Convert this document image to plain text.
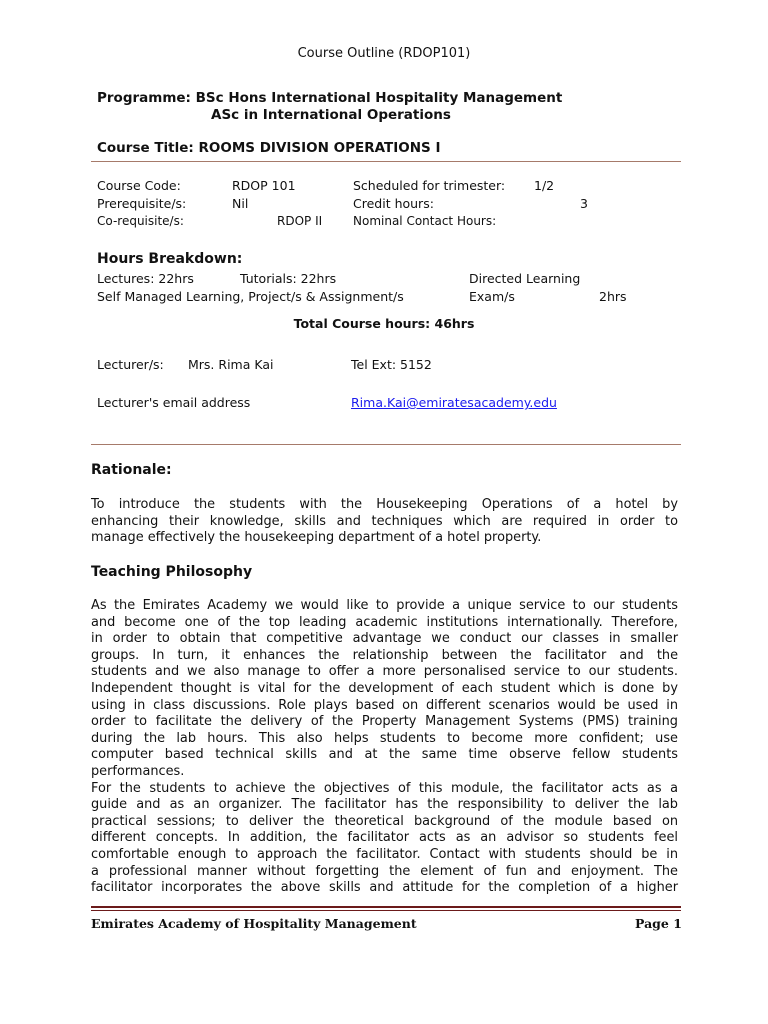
Course Outline (RDOP101)
Programme: BSc Hons International Hospitality Management
ASc in International Operations
Course Title: ROOMS DIVISION OPERATIONS I
Course Code:	RDOP 101	Scheduled for trimester: 1/2
Prerequisite/s:	Nil	Credit hours:	3
Co-requisite/s:	RDOP II	Nominal Contact Hours:
Hours Breakdown:
Lectures: 22hrs	Tutorials: 22hrs	Directed Learning
Self Managed Learning, Project/s & Assignment/s	Exam/s	2hrs
Total Course hours: 46hrs
Lecturer/s: Mrs. Rima Kai	Tel Ext: 5152
Lecturer's email address	Rima.Kai@emiratesacademy.edu
Rationale:

To introduce the students with the Housekeeping Operations of a hotel by

enhancing their knowledge, skills and techniques which are required in order to

manage effectively the housekeeping department of a hotel property.

Teaching Philosophy

As the Emirates Academy we would like to provide a unique service to our students

and become one of the top leading academic institutions internationally. Therefore,

in order to obtain that competitive advantage we conduct our classes in smaller

groups. In turn, it enhances the relationship between the facilitator and the

students and we also manage to offer a more personalised service to our students.

Independent thought is vital for the development of each student which is done by

using in class discussions. Role plays based on different scenarios would be used in

order to facilitate the delivery of the Property Management Systems (PMS) training

during the lab hours. This also helps students to become more confident; use

computer based technical skills and at the same time observe fellow students

performances.

For the students to achieve the objectives of this module, the facilitator acts as a

guide and as an organizer. The facilitator has the responsibility to deliver the lab

practical sessions; to deliver the theoretical background of the module based on

different concepts. In addition, the facilitator acts as an advisor so students feel

comfortable enough to approach the facilitator. Contact with students should be in

a professional manner without forgetting the element of fun and enjoyment. The

facilitator incorporates the above skills and attitude for the completion of a higher

Emirates Academy of Hospitality Management	Page 1
